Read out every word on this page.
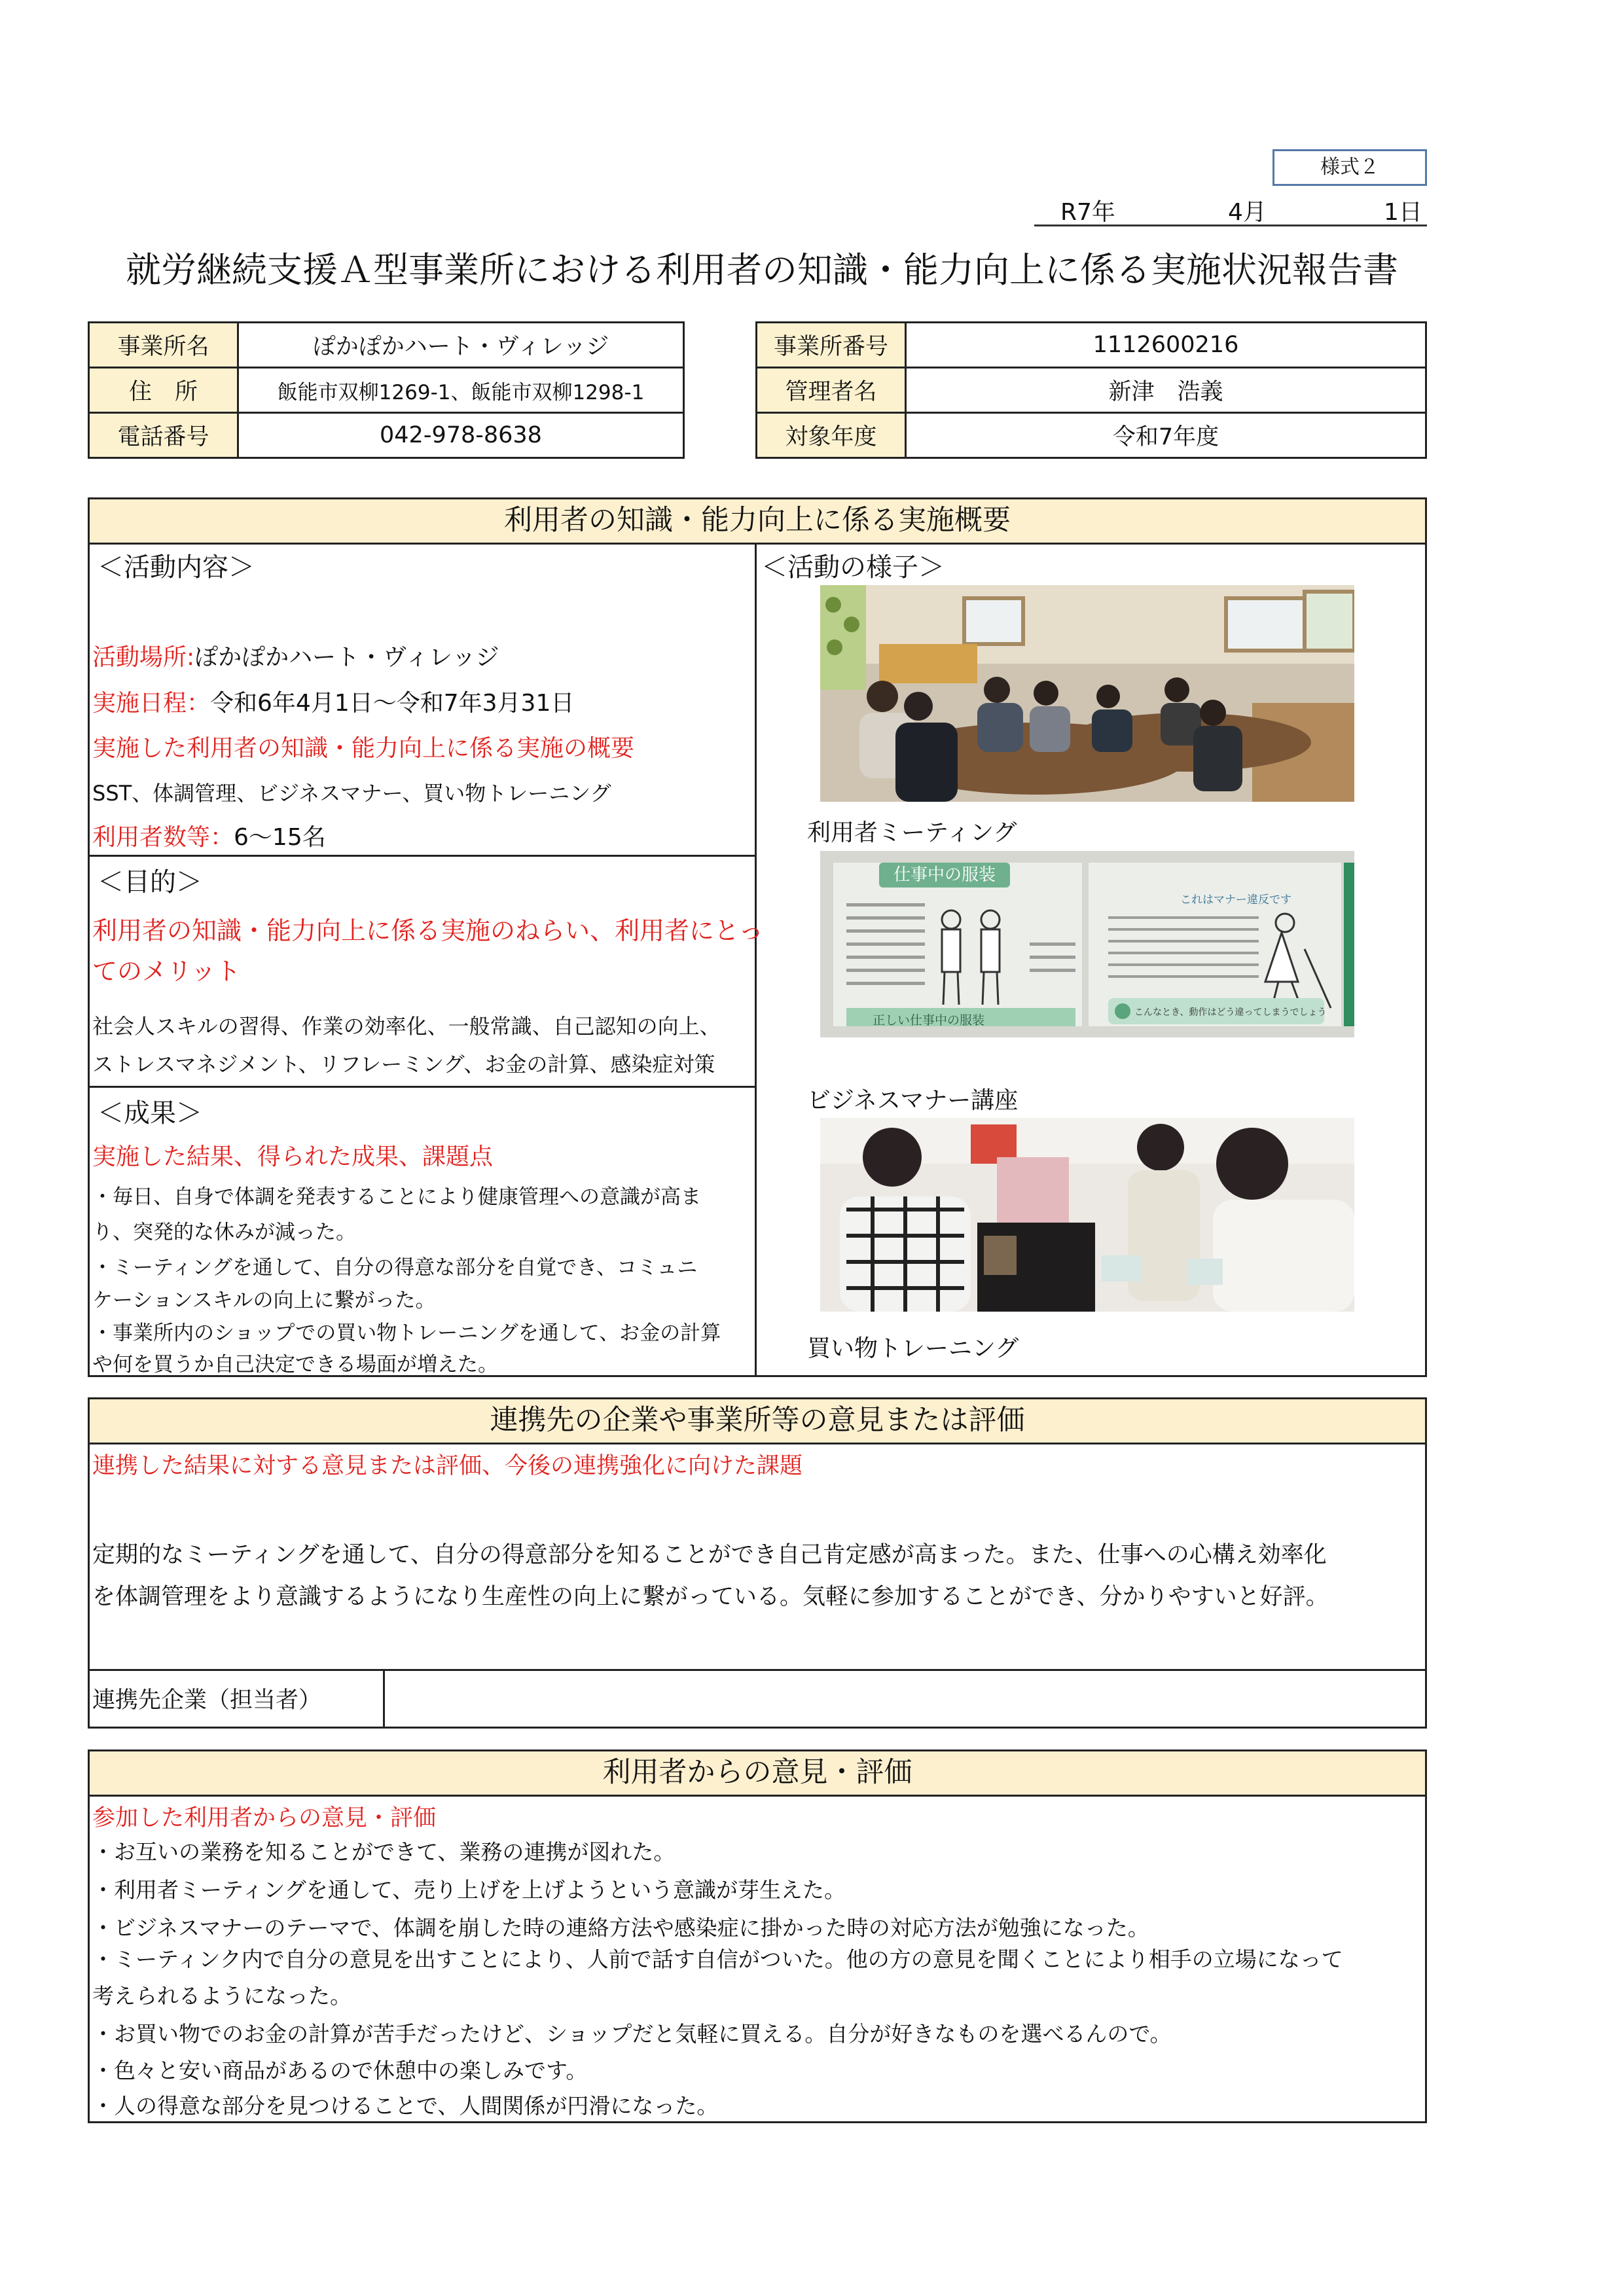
様式２
R7年	4月	1日
就労継続支援Ａ型事業所における利用者の知識・能力向上に係る実施状況報告書
事業所名	ぽかぽかハート・ヴィレッジ
住　所	飯能市双柳1269-1、飯能市双柳1298-1
電話番号	042-978-8638
事業所番号	1112600216
管理者名	新津　浩義
対象年度	令和7年度
利用者の知識・能力向上に係る実施概要
＜活動内容＞
活動場所:ぽかぽかハート・ヴィレッジ
実施日程：令和6年4月1日～令和7年3月31日
実施した利用者の知識・能力向上に係る実施の概要
SST、体調管理、ビジネスマナー、買い物トレーニング
利用者数等：6～15名
＜目的＞
利用者の知識・能力向上に係る実施のねらい、利用者にとっ
てのメリット
社会人スキルの習得、作業の効率化、一般常識、自己認知の向上、
ストレスマネジメント、リフレーミング、お金の計算、感染症対策
＜成果＞
実施した結果、得られた成果、課題点
・毎日、自身で体調を発表することにより健康管理への意識が高ま
り、突発的な休みが減った。
・ミーティングを通して、自分の得意な部分を自覚でき、コミュニ
ケーションスキルの向上に繋がった。
・事業所内のショップでの買い物トレーニングを通して、お金の計算
や何を買うか自己決定できる場面が増えた。
＜活動の様子＞
利用者ミーティング
仕事中の服装
これはマナー違反です
こんなとき、動作はどう違ってしまうでしょう
正しい仕事中の服装
ビジネスマナー講座
買い物トレーニング
連携先の企業や事業所等の意見または評価
連携した結果に対する意見または評価、今後の連携強化に向けた課題
定期的なミーティングを通して、自分の得意部分を知ることができ自己肯定感が高まった。また、仕事への心構え効率化
を体調管理をより意識するようになり生産性の向上に繋がっている。気軽に参加することができ、分かりやすいと好評。
連携先企業（担当者）
利用者からの意見・評価
参加した利用者からの意見・評価
・お互いの業務を知ることができて、業務の連携が図れた。
・利用者ミーティングを通して、売り上げを上げようという意識が芽生えた。
・ビジネスマナーのテーマで、体調を崩した時の連絡方法や感染症に掛かった時の対応方法が勉強になった。
・ミーティンク内で自分の意見を出すことにより、人前で話す自信がついた。他の方の意見を聞くことにより相手の立場になって
考えられるようになった。
・お買い物でのお金の計算が苦手だったけど、ショップだと気軽に買える。自分が好きなものを選べるんので。
・色々と安い商品があるので休憩中の楽しみです。
・人の得意な部分を見つけることで、人間関係が円滑になった。
